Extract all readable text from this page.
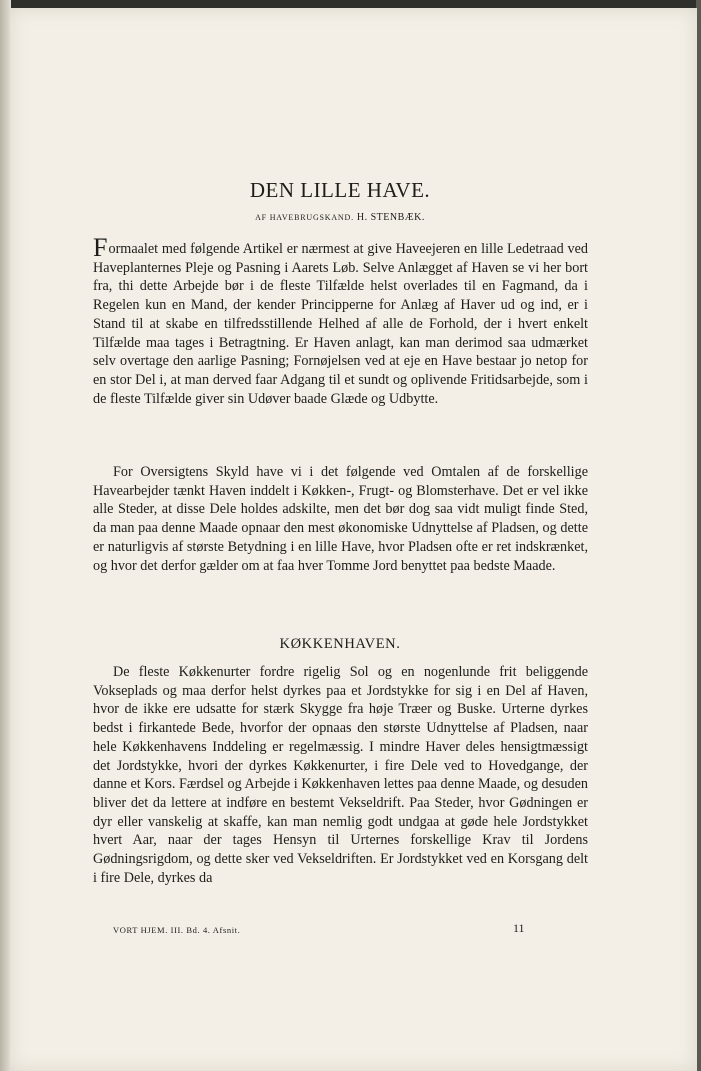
DEN LILLE HAVE.
AF HAVEBRUGSKAND. H. STENBÆK.

Formaalet med følgende Artikel er nærmest at give Haveejeren en lille Ledetraad ved Haveplanternes Pleje og Pasning i Aarets Løb. Selve Anlægget af Haven se vi her bort fra, thi dette Arbejde bør i de fleste Tilfælde helst overlades til en Fagmand, da i Regelen kun en Mand, der kender Principperne for Anlæg af Haver ud og ind, er i Stand til at skabe en tilfredsstillende Helhed af alle de Forhold, der i hvert enkelt Tilfælde maa tages i Betragtning. Er Haven anlagt, kan man derimod saa udmærket selv overtage den aarlige Pasning; Fornøjelsen ved at eje en Have bestaar jo netop for en stor Del i, at man derved faar Adgang til et sundt og oplivende Fritidsarbejde, som i de fleste Tilfælde giver sin Udøver baade Glæde og Udbytte.

For Oversigtens Skyld have vi i det følgende ved Omtalen af de forskellige Havearbejder tænkt Haven inddelt i Køkken-, Frugt- og Blomsterhave. Det er vel ikke alle Steder, at disse Dele holdes adskilte, men det bør dog saa vidt muligt finde Sted, da man paa denne Maade opnaar den mest økonomiske Udnyttelse af Pladsen, og dette er naturligvis af største Betydning i en lille Have, hvor Pladsen ofte er ret indskrænket, og hvor det derfor gælder om at faa hver Tomme Jord benyttet paa bedste Maade.

KØKKENHAVEN.

De fleste Køkkenurter fordre rigelig Sol og en nogenlunde frit beliggende Vokseplads og maa derfor helst dyrkes paa et Jordstykke for sig i en Del af Haven, hvor de ikke ere udsatte for stærk Skygge fra høje Træer og Buske. Urterne dyrkes bedst i firkantede Bede, hvorfor der opnaas den største Udnyttelse af Pladsen, naar hele Køkkenhavens Inddeling er regelmæssig. I mindre Haver deles hensigtmæssigt det Jordstykke, hvori der dyrkes Køkkenurter, i fire Dele ved to Hovedgange, der danne et Kors. Færdsel og Arbejde i Køkkenhaven lettes paa denne Maade, og desuden bliver det da lettere at indføre en bestemt Vekseldrift. Paa Steder, hvor Gødningen er dyr eller vanskelig at skaffe, kan man nemlig godt undgaa at gøde hele Jordstykket hvert Aar, naar der tages Hensyn til Urternes forskellige Krav til Jordens Gødningsrigdom, og dette sker ved Vekseldriften. Er Jordstykket ved en Korsgang delt i fire Dele, dyrkes da

VORT HJEM. III. Bd. 4. Afsnit.	11
